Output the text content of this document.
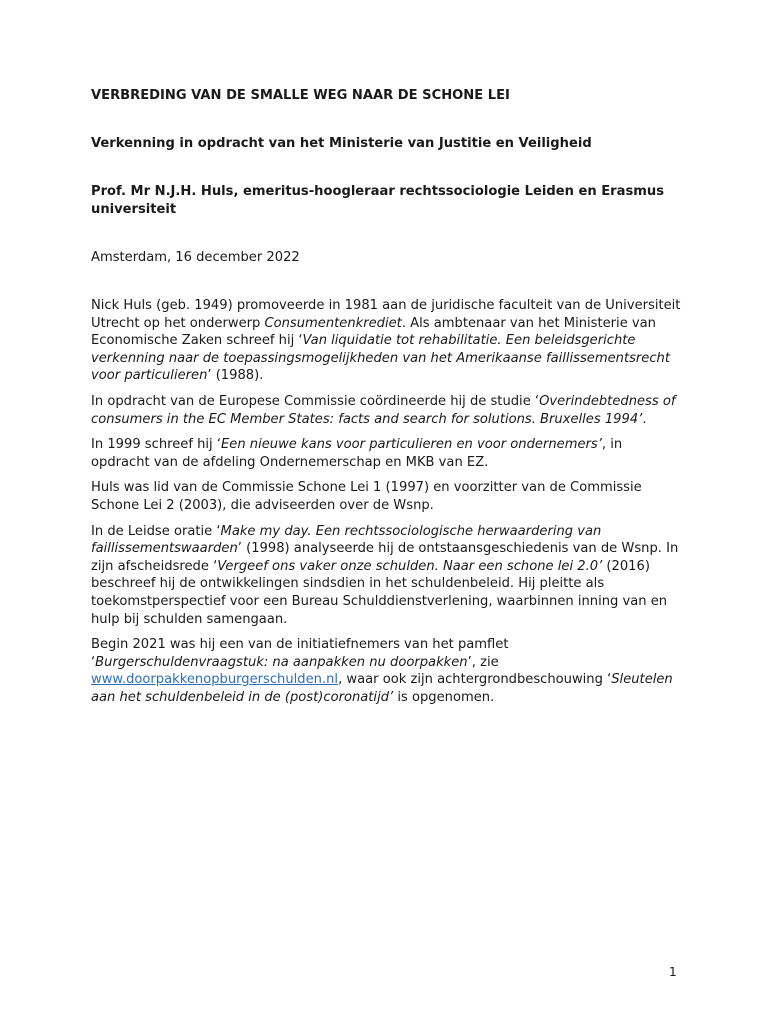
VERBREDING VAN DE SMALLE WEG NAAR DE SCHONE LEI
Verkenning in opdracht van het Ministerie van Justitie en Veiligheid
Prof. Mr N.J.H. Huls, emeritus-hoogleraar rechtssociologie Leiden en Erasmus universiteit
Amsterdam, 16 december 2022

Nick Huls (geb. 1949) promoveerde in 1981 aan de juridische faculteit van de Universiteit Utrecht op het onderwerp Consumentenkrediet. Als ambtenaar van het Ministerie van Economische Zaken schreef hij ‘Van liquidatie tot rehabilitatie. Een beleidsgerichte verkenning naar de toepassingsmogelijkheden van het Amerikaanse faillissementsrecht voor particulieren’ (1988).

In opdracht van de Europese Commissie coördineerde hij de studie ‘Overindebtedness of consumers in the EC Member States: facts and search for solutions. Bruxelles 1994’.

In 1999 schreef hij ‘Een nieuwe kans voor particulieren en voor ondernemers’, in opdracht van de afdeling Ondernemerschap en MKB van EZ.

Huls was lid van de Commissie Schone Lei 1 (1997) en voorzitter van de Commissie Schone Lei 2 (2003), die adviseerden over de Wsnp.

In de Leidse oratie ‘Make my day. Een rechtssociologische herwaardering van faillissementswaarden’ (1998) analyseerde hij de ontstaansgeschiedenis van de Wsnp. In zijn afscheidsrede ‘Vergeef ons vaker onze schulden. Naar een schone lei 2.0’ (2016) beschreef hij de ontwikkelingen sindsdien in het schuldenbeleid. Hij pleitte als toekomstperspectief voor een Bureau Schulddienstverlening, waarbinnen inning van en hulp bij schulden samengaan.

Begin 2021 was hij een van de initiatiefnemers van het pamflet ‘Burgerschuldenvraagstuk: na aanpakken nu doorpakken’, zie www.doorpakkenopburgerschulden.nl, waar ook zijn achtergrondbeschouwing ‘Sleutelen aan het schuldenbeleid in de (post)coronatijd’ is opgenomen.

1
